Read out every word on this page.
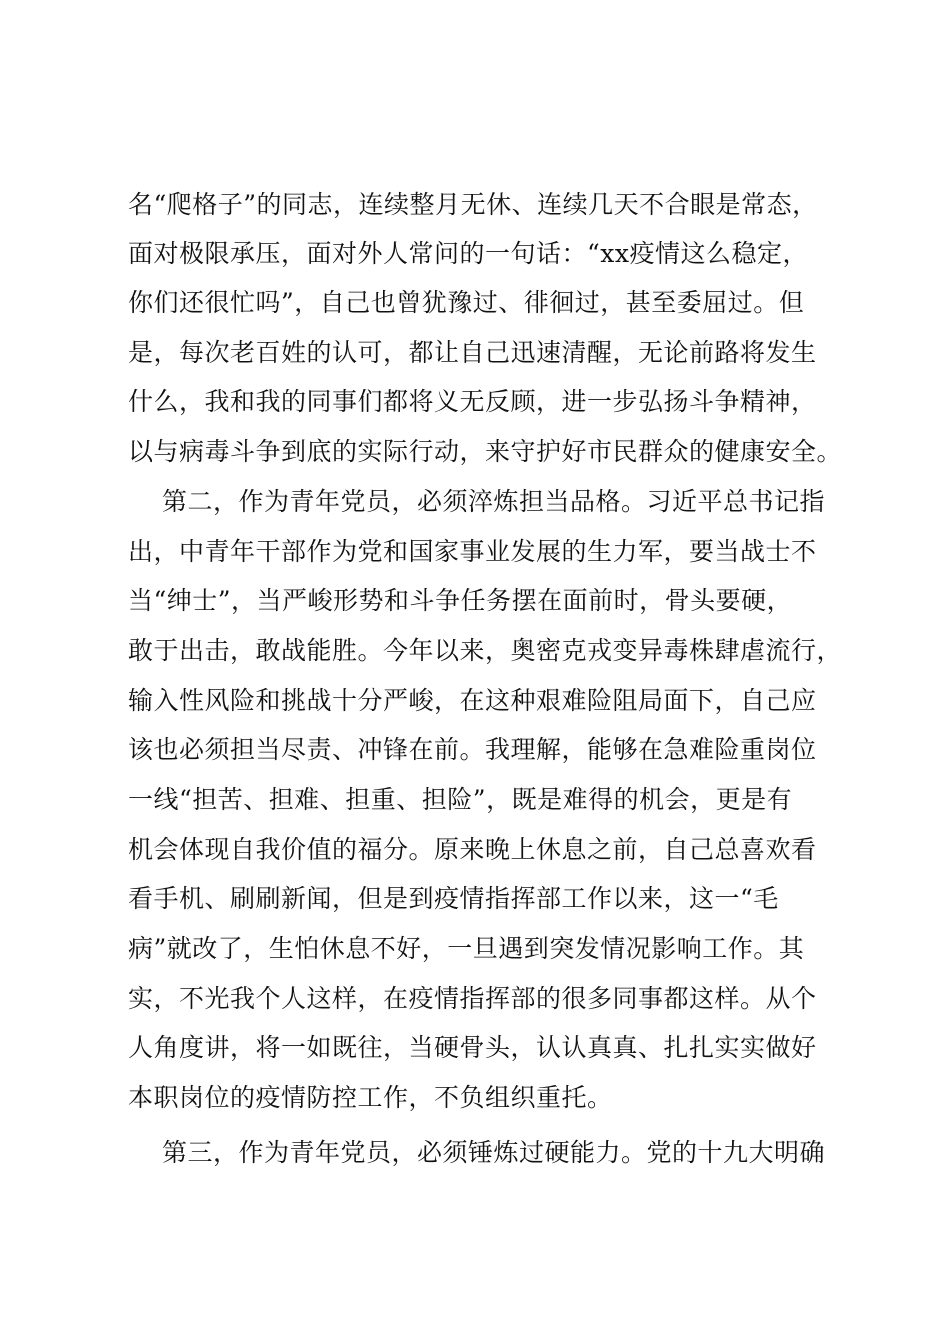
名“爬格子”的同志，连续整月无休、连续几天不合眼是常态，
面对极限承压，面对外人常问的一句话：“xx疫情这么稳定，
你们还很忙吗”，自己也曾犹豫过、徘徊过，甚至委屈过。但
是，每次老百姓的认可，都让自己迅速清醒，无论前路将发生
什么，我和我的同事们都将义无反顾，进一步弘扬斗争精神，
以与病毒斗争到底的实际行动，来守护好市民群众的健康安全。
第二，作为青年党员，必须淬炼担当品格。习近平总书记指
出，中青年干部作为党和国家事业发展的生力军，要当战士不
当“绅士”，当严峻形势和斗争任务摆在面前时，骨头要硬，
敢于出击，敢战能胜。今年以来，奥密克戎变异毒株肆虐流行，
输入性风险和挑战十分严峻，在这种艰难险阻局面下，自己应
该也必须担当尽责、冲锋在前。我理解，能够在急难险重岗位
一线“担苦、担难、担重、担险”，既是难得的机会，更是有
机会体现自我价值的福分。原来晚上休息之前，自己总喜欢看
看手机、刷刷新闻，但是到疫情指挥部工作以来，这一“毛
病”就改了，生怕休息不好，一旦遇到突发情况影响工作。其
实，不光我个人这样，在疫情指挥部的很多同事都这样。从个
人角度讲，将一如既往，当硬骨头，认认真真、扎扎实实做好
本职岗位的疫情防控工作，不负组织重托。
第三，作为青年党员，必须锤炼过硬能力。党的十九大明确
